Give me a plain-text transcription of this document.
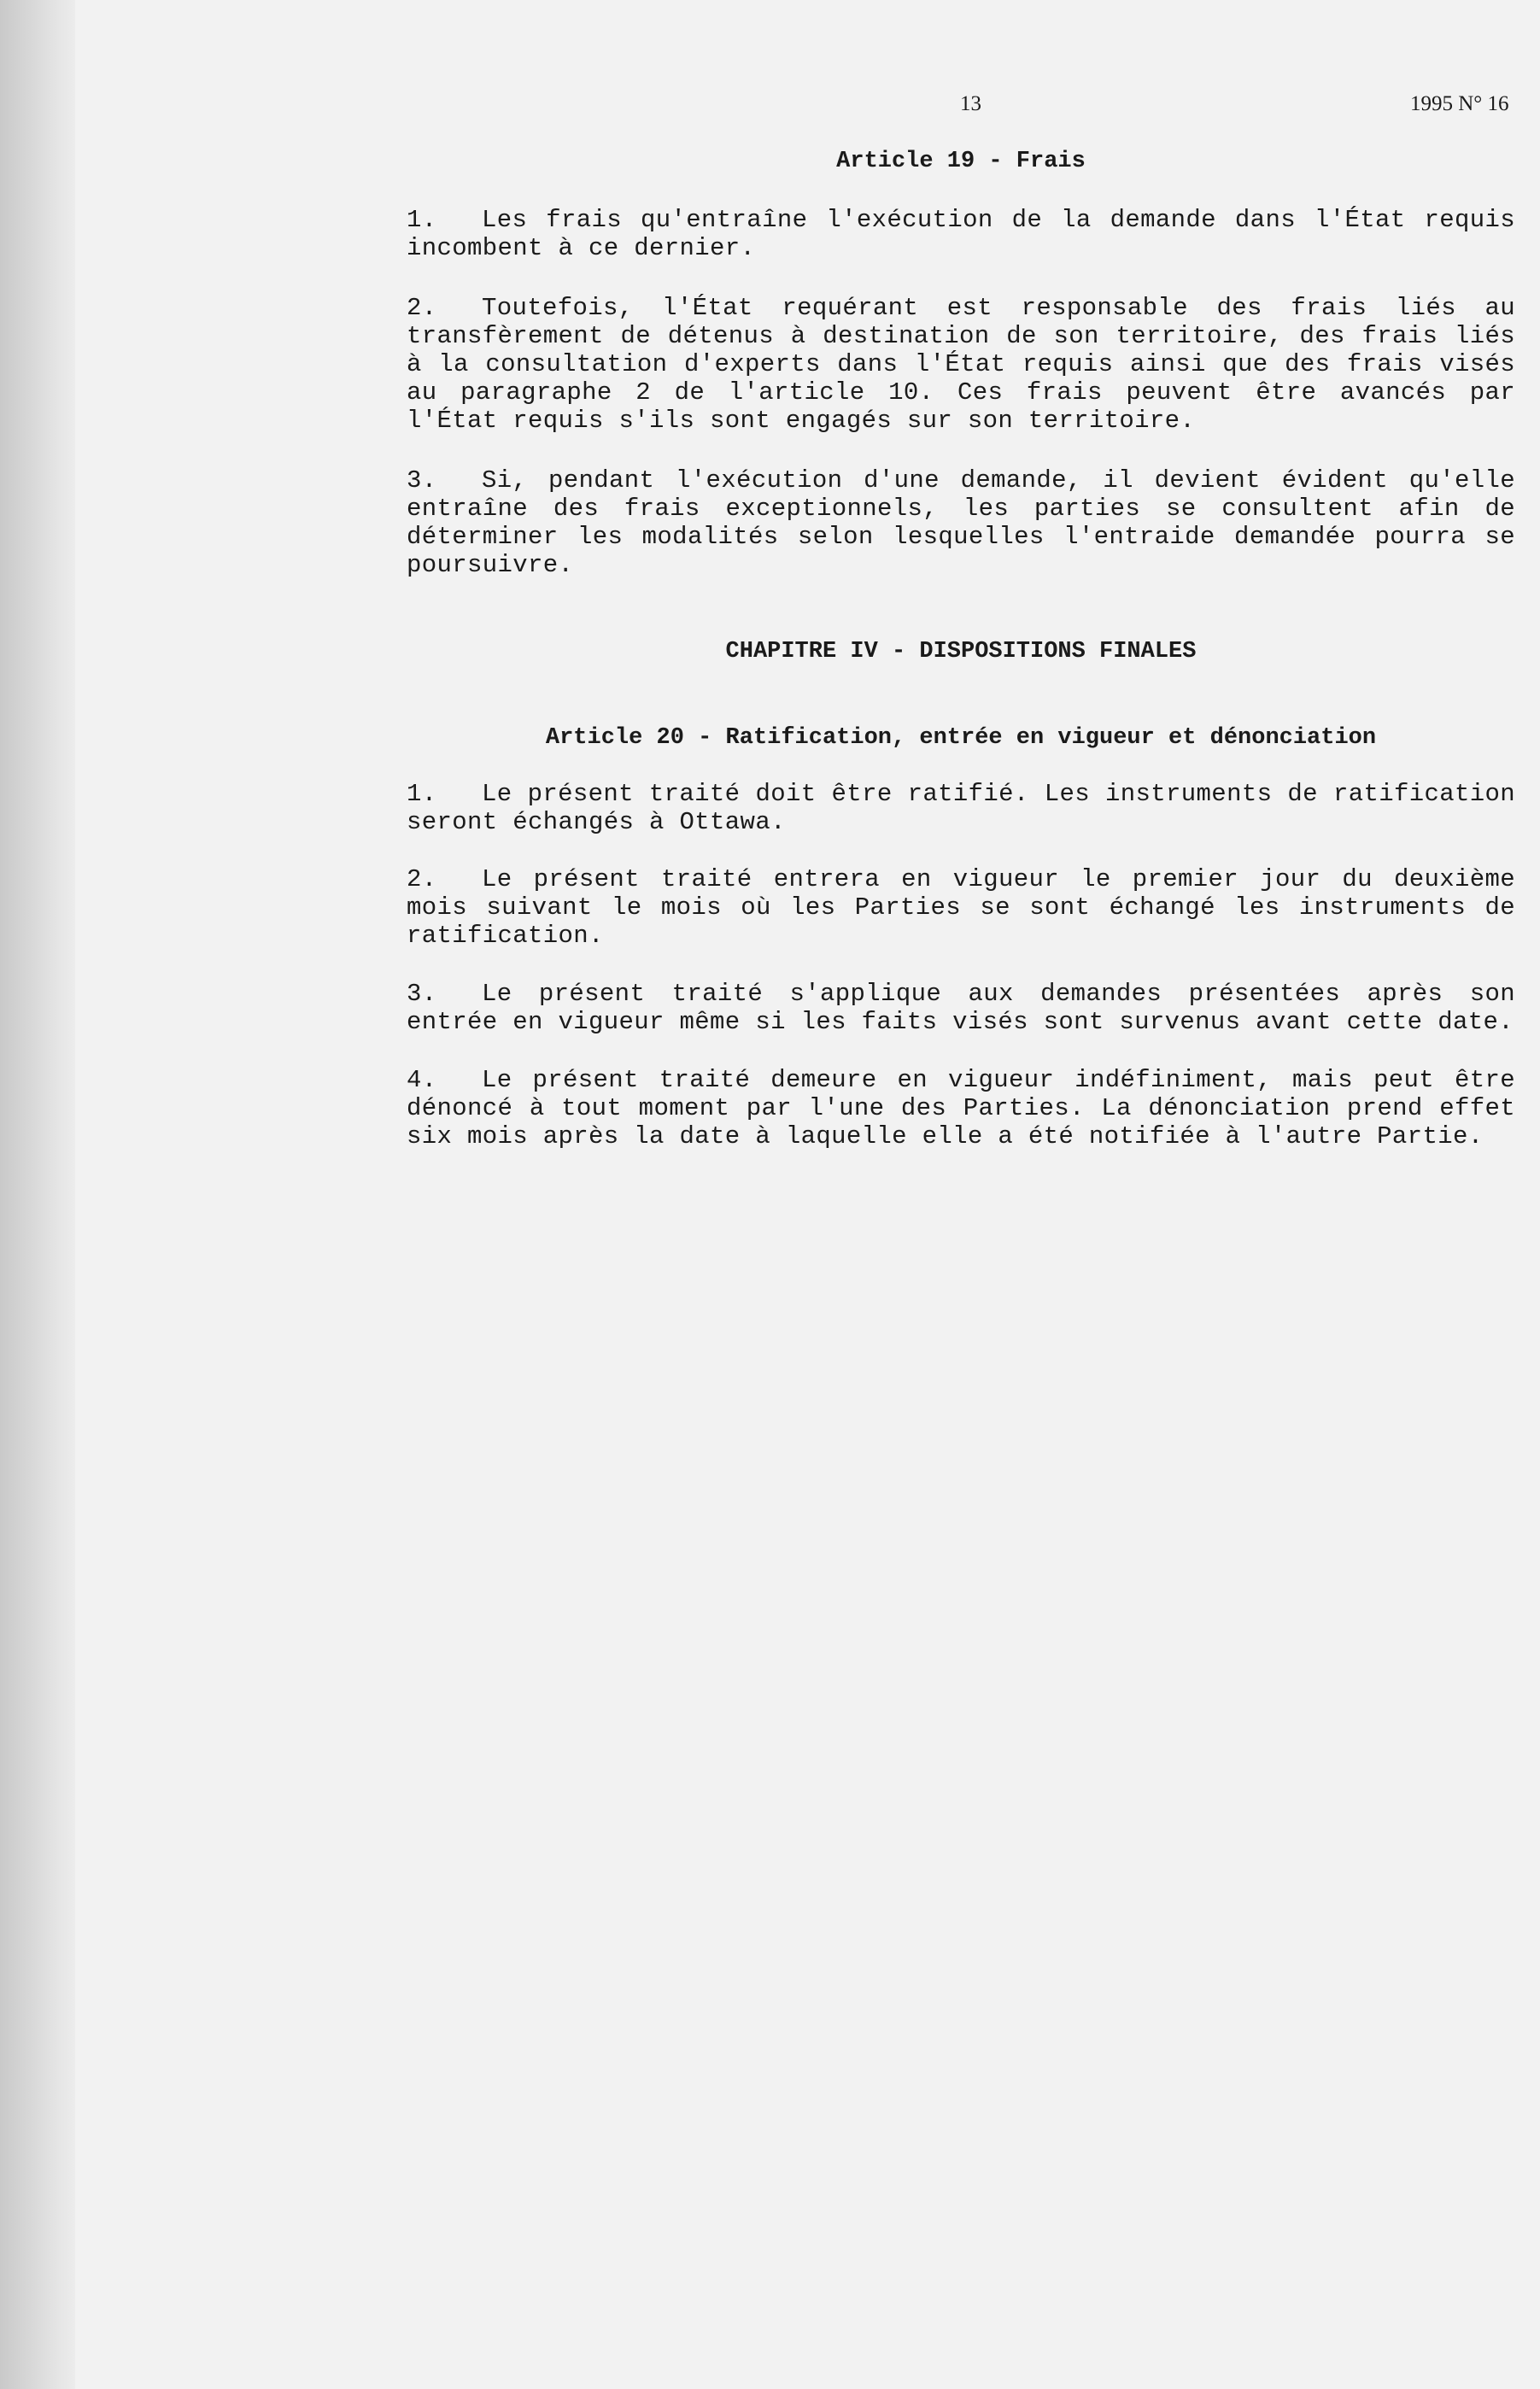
13	1995 N° 16

Article 19 - Frais

1. Les frais qu'entraîne l'exécution de la demande dans l'État requis incombent à ce dernier.

2. Toutefois, l'État requérant est responsable des frais liés au transfèrement de détenus à destination de son territoire, des frais liés à la consultation d'experts dans l'État requis ainsi que des frais visés au paragraphe 2 de l'article 10. Ces frais peuvent être avancés par l'État requis s'ils sont engagés sur son territoire.

3. Si, pendant l'exécution d'une demande, il devient évident qu'elle entraîne des frais exceptionnels, les parties se consultent afin de déterminer les modalités selon lesquelles l'entraide demandée pourra se poursuivre.

CHAPITRE IV - DISPOSITIONS FINALES
Article 20 - Ratification, entrée en vigueur et dénonciation

1. Le présent traité doit être ratifié. Les instruments de ratification seront échangés à Ottawa.

2. Le présent traité entrera en vigueur le premier jour du deuxième mois suivant le mois où les Parties se sont échangé les instruments de ratification.

3. Le présent traité s'applique aux demandes présentées après son entrée en vigueur même si les faits visés sont survenus avant cette date.

4. Le présent traité demeure en vigueur indéfiniment, mais peut être dénoncé à tout moment par l'une des Parties. La dénonciation prend effet six mois après la date à laquelle elle a été notifiée à l'autre Partie.
